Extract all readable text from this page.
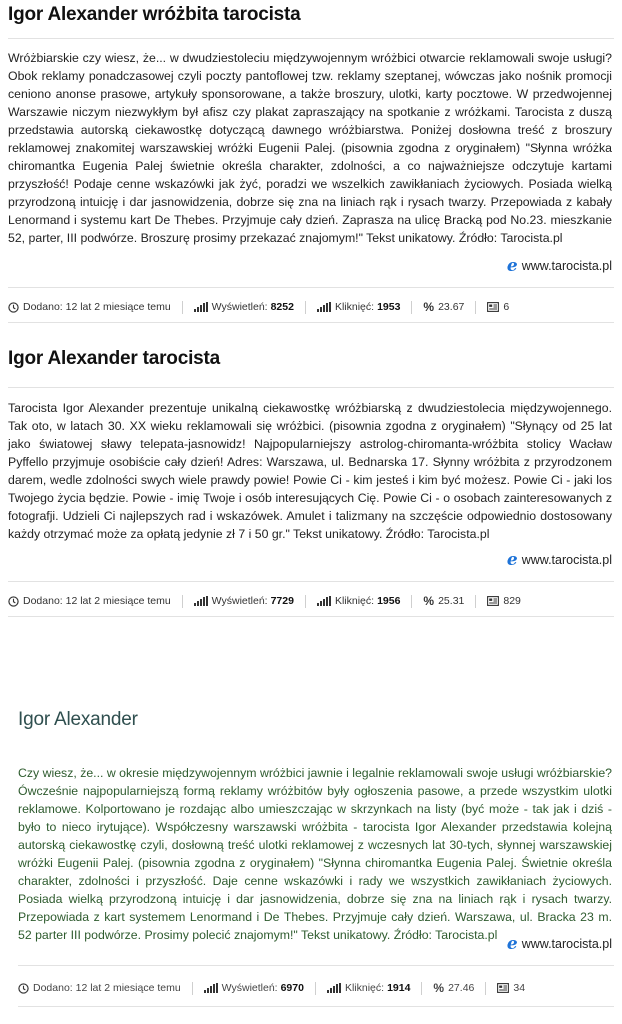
Igor Alexander wróżbita tarocista
Wróżbiarskie czy wiesz, że... w dwudziestoleciu międzywojennym wróżbici otwarcie reklamowali swoje usługi? Obok reklamy ponadczasowej czyli poczty pantoflowej tzw. reklamy szeptanej, wówczas jako nośnik promocji ceniono anonse prasowe, artykuły sponsorowane, a także broszury, ulotki, karty pocztowe. W przedwojennej Warszawie niczym niezwykłym był afisz czy plakat zapraszający na spotkanie z wróżkami. Tarocista z duszą przedstawia autorską ciekawostkę dotyczącą dawnego wróżbiarstwa. Poniżej dosłowna treść z broszury reklamowej znakomitej warszawskiej wróżki Eugenii Palej. (pisownia zgodna z oryginałem) "Słynna wróżka chiromantka Eugenia Palej świetnie określa charakter, zdolności, a co najważniejsze odczytuje kartami przyszłość! Podaje cenne wskazówki jak żyć, poradzi we wszelkich zawikłaniach życiowych. Posiada wielką przyrodzoną intuicję i dar jasnowidzenia, dobrze się zna na liniach rąk i rysach twarzy. Przepowiada z kabały Lenormand i systemu kart De Thebes. Przyjmuje cały dzień. Zaprasza na ulicę Bracką pod No.23. mieszkanie 52, parter, III podwórze. Broszurę prosimy przekazać znajomym!" Tekst unikatowy. Źródło: Tarocista.pl
e www.tarocista.pl
Dodano: 12 lat 2 miesiące temu	Wyświetleń: 8252	Kliknięć: 1953 % 23.67	6
Igor Alexander tarocista
Tarocista Igor Alexander prezentuje unikalną ciekawostkę wróżbiarską z dwudziestolecia międzywojennego. Tak oto, w latach 30. XX wieku reklamowali się wróżbici. (pisownia zgodna z oryginałem) "Słynący od 25 lat jako światowej sławy telepata-jasnowidz! Najpopularniejszy astrolog-chiromanta-wróżbita stolicy Wacław Pyffello przyjmuje osobiście cały dzień! Adres: Warszawa, ul. Bednarska 17. Słynny wróżbita z przyrodzonem darem, wedle zdolności swych wiele prawdy powie! Powie Ci - kim jesteś i kim być możesz. Powie Ci - jaki los Twojego życia będzie. Powie - imię Twoje i osób interesujących Cię. Powie Ci - o osobach zainteresowanych z fotografji. Udzieli Ci najlepszych rad i wskazówek. Amulet i talizmany na szczęście odpowiednio dostosowany każdy otrzymać może za opłatą jedynie zł 7 i 50 gr." Tekst unikatowy. Źródło: Tarocista.pl
e www.tarocista.pl
Dodano: 12 lat 2 miesiące temu	Wyświetleń: 7729	Kliknięć: 1956 % 25.31	829
Igor Alexander
Czy wiesz, że... w okresie międzywojennym wróżbici jawnie i legalnie reklamowali swoje usługi wróżbiarskie? Ówcześnie najpopularniejszą formą reklamy wróżbitów były ogłoszenia pasowe, a przede wszystkim ulotki reklamowe. Kolportowano je rozdając albo umieszczając w skrzynkach na listy (być może - tak jak i dziś - było to nieco irytujące). Współczesny warszawski wróżbita - tarocista Igor Alexander przedstawia kolejną autorską ciekawostkę czyli, dosłowną treść ulotki reklamowej z wczesnych lat 30-tych, słynnej warszawskiej wróżki Eugenii Palej. (pisownia zgodna z oryginałem) "Słynna chiromantka Eugenia Palej. Świetnie określa charakter, zdolności i przyszłość. Daje cenne wskazówki i rady we wszystkich zawikłaniach życiowych. Posiada wielką przyrodzoną intuicję i dar jasnowidzenia, dobrze się zna na liniach rąk i rysach twarzy. Przepowiada z kart systemem Lenormand i De Thebes. Przyjmuje cały dzień. Warszawa, ul. Bracka 23 m. 52 parter III podwórze. Prosimy polecić znajomym!" Tekst unikatowy. Źródło: Tarocista.pl e www.tarocista.pl
Dodano: 12 lat 2 miesiące temu	Wyświetleń: 6970	Kliknięć: 1914 % 27.46	34
